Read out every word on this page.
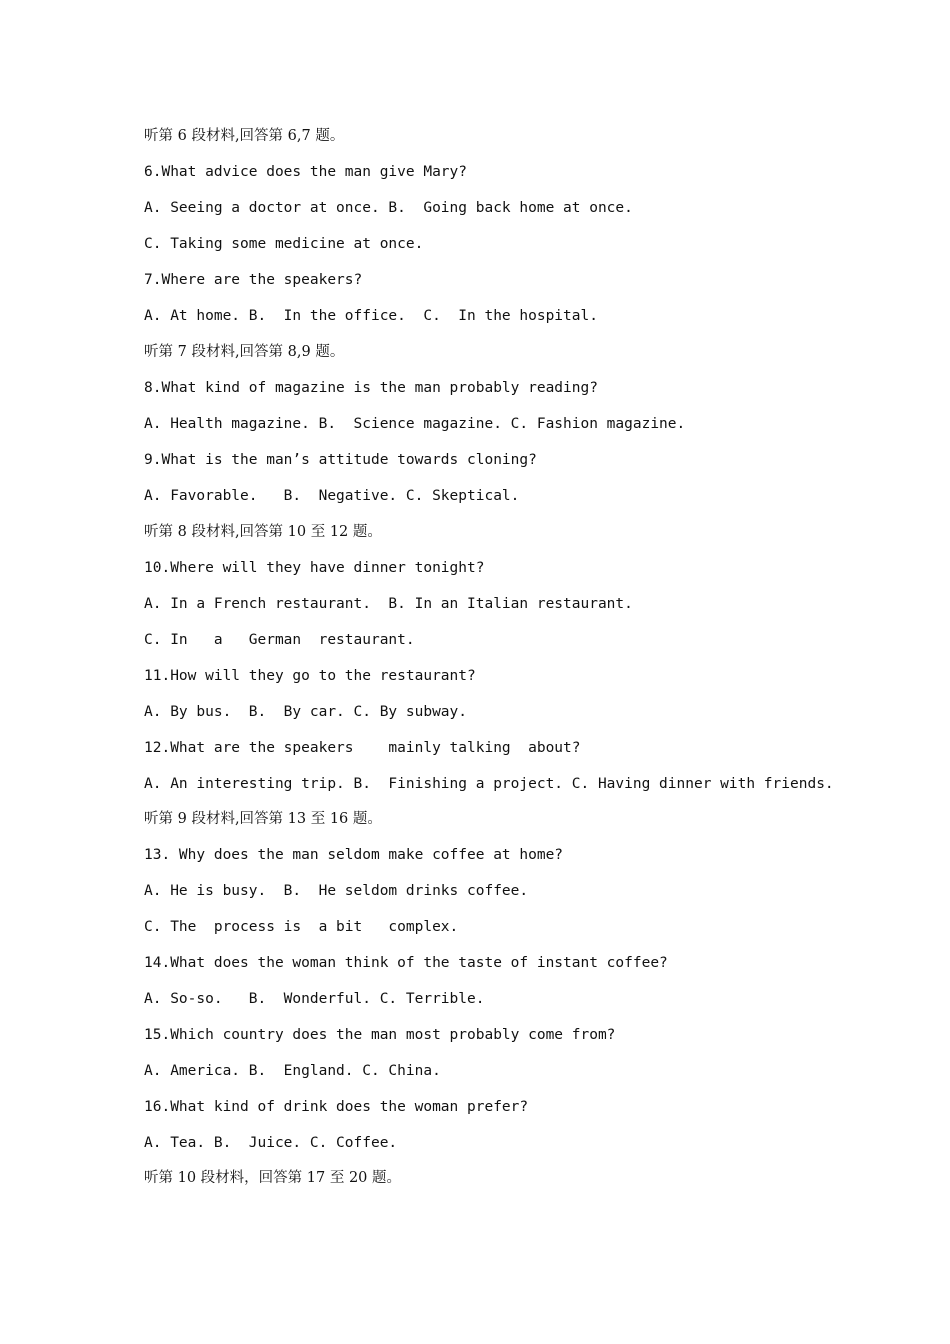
听第 6 段材料,回答第 6,7 题。
6.What advice does the man give Mary?
A. Seeing a doctor at once. B.  Going back home at once.
C. Taking some medicine at once.
7.Where are the speakers?
A. At home. B.  In the office.  C.  In the hospital.
听第 7 段材料,回答第 8,9 题。
8.What kind of magazine is the man probably reading?
A. Health magazine. B.  Science magazine. C. Fashion magazine.
9.What is the man’s attitude towards cloning?
A. Favorable.   B.  Negative. C. Skeptical.
听第 8 段材料,回答第 10 至 12 题。
10.Where will they have dinner tonight?
A. In a French restaurant.  B. In an Italian restaurant.
C. In   a   German  restaurant.
11.How will they go to the restaurant?
A. By bus.  B.  By car. C. By subway.
12.What are the speakers    mainly talking  about?
A. An interesting trip. B.  Finishing a project. C. Having dinner with friends.
听第 9 段材料,回答第 13 至 16 题。
13. Why does the man seldom make coffee at home?
A. He is busy.  B.  He seldom drinks coffee.
C. The  process is  a bit   complex.
14.What does the woman think of the taste of instant coffee?
A. So-so.   B.  Wonderful. C. Terrible.
15.Which country does the man most probably come from?
A. America. B.  England. C. China.
16.What kind of drink does the woman prefer?
A. Tea. B.  Juice. C. Coffee.
听第 10 段材料，回答第 17 至 20 题。
